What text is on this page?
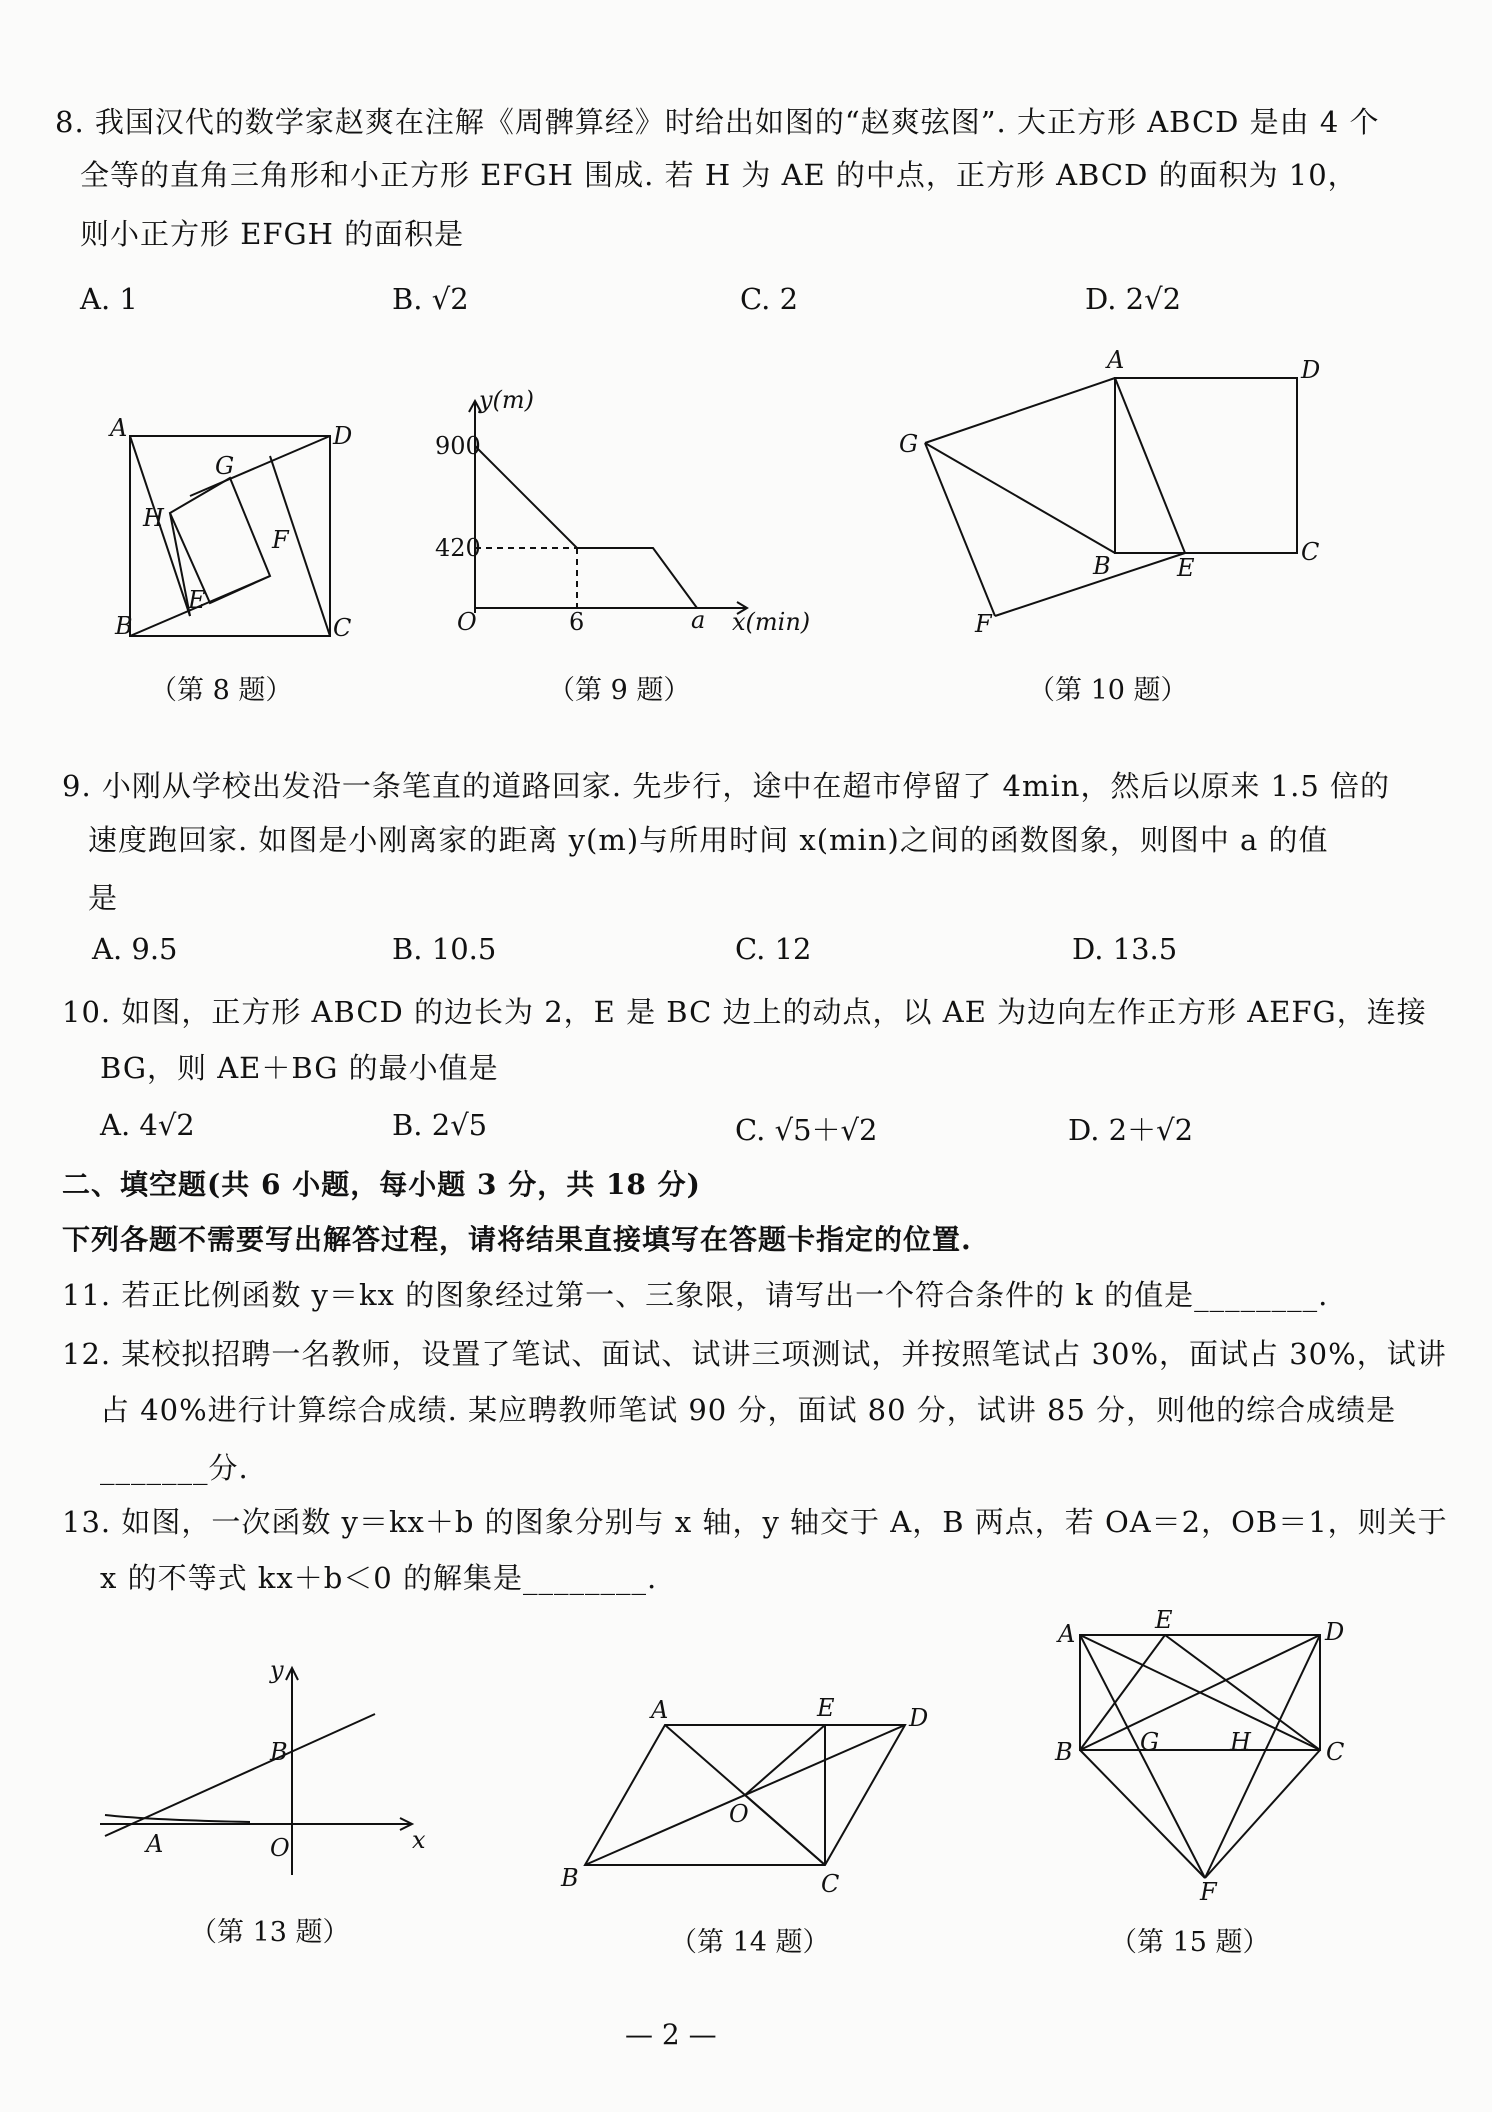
8. 我国汉代的数学家赵爽在注解《周髀算经》时给出如图的“赵爽弦图”. 大正方形 ABCD 是由 4 个
全等的直角三角形和小正方形 EFGH 围成. 若 H 为 AE 的中点，正方形 ABCD 的面积为 10，
则小正方形 EFGH 的面积是
A. 1	B. √2	C. 2	D. 2√2
A	D
B	C
G
H
F
E
（第 8 题）
y(m)
900
420
O	6	a x(min)
（第 9 题）
A	D
G
B	E
C
F
（第 10 题）
9. 小刚从学校出发沿一条笔直的道路回家. 先步行，途中在超市停留了 4min，然后以原来 1.5 倍的
速度跑回家. 如图是小刚离家的距离 y(m)与所用时间 x(min)之间的函数图象，则图中 a 的值
是
A. 9.5	B. 10.5	C. 12	D. 13.5
10. 如图，正方形 ABCD 的边长为 2，E 是 BC 边上的动点，以 AE 为边向左作正方形 AEFG，连接
BG，则 AE＋BG 的最小值是
A. 4√2	B. 2√5	C. √5＋√2	D. 2＋√2
二、填空题(共 6 小题，每小题 3 分，共 18 分)
下列各题不需要写出解答过程，请将结果直接填写在答题卡指定的位置.
11. 若正比例函数 y＝kx 的图象经过第一、三象限，请写出一个符合条件的 k 的值是________.
12. 某校拟招聘一名教师，设置了笔试、面试、试讲三项测试，并按照笔试占 30%，面试占 30%，试讲
占 40%进行计算综合成绩. 某应聘教师笔试 90 分，面试 80 分，试讲 85 分，则他的综合成绩是
_______分.
13. 如图，一次函数 y＝kx＋b 的图象分别与 x 轴，y 轴交于 A，B 两点，若 OA＝2，OB＝1，则关于
x 的不等式 kx＋b＜0 的解集是________.
y
x
B
A	O
（第 13 题）
A	E	D
O
B	C
（第 14 题）
A	E	D
B	G	H	C
F
（第 15 题）
— 2 —
